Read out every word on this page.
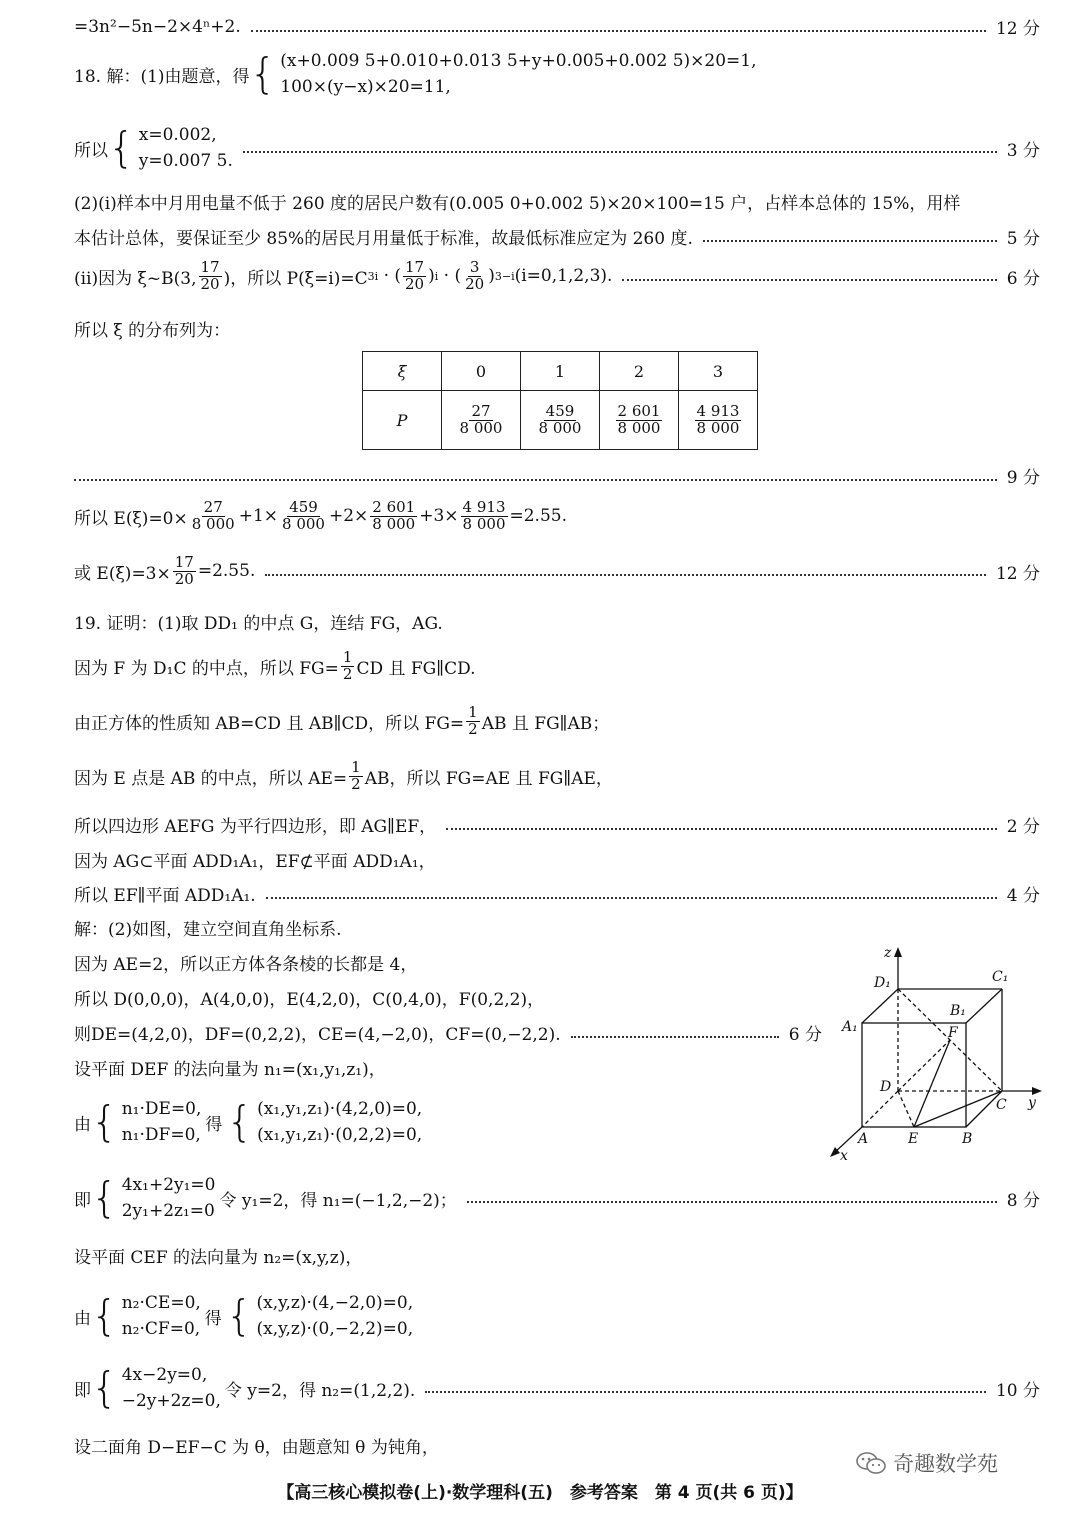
=3n²−5n−2×4ⁿ+2.	12 分
18. 解：(1)由题意，得 { (x+0.009 5+0.010+0.013 5+y+0.005+0.002 5)×20=1,
100×(y−x)×20=11,
所以 { x=0.002,
y=0.007 5.
3 分
(2)(ⅰ)样本中月用电量不低于 260 度的居民户数有(0.005 0+0.002 5)×20×100=15 户，占样本总体的 15%，用样
本估计总体，要保证至少 85%的居民月用量低于标准，故最低标准应定为 260 度.	5 分
(ⅱ)因为 ξ~B(3, $\frac{17}{20}$ )，所以 P(ξ=i)=C 3 i · ( $\frac{17}{20}$ ) i · ( $\frac{3}{20}$ ) 3−i (i=0,1,2,3).	6 分
所以 ξ 的分布列为：
ξ	0	1	2	3
P	$\frac{27}{8 000}$	$\frac{459}{8 000}$	$\frac{2 601}{8 000}$	$\frac{4 913}{8 000}$
9 分
所以 $E(\xi)=0\times \frac{27}{8 000} +1\times \frac{459}{8 000} +2\times \frac{2 601}{8 000} +3\times \frac{4 913}{8 000} =2.55$.
或 $E(\xi)=3\times \frac{17}{20} =2.55$.	12 分
19. 证明：(1)取 DD₁ 的中点 G，连结 FG，AG.
因为 F 为 D₁C 的中点，所以 $FG= \frac{1}{2}$ CD 且 FG∥CD.
由正方体的性质知 AB=CD 且 AB∥CD，所以 $FG= \frac{1}{2}$ AB 且 FG∥AB；
因为 E 点是 AB 的中点，所以 $AE= \frac{1}{2}$ AB，所以 FG=AE 且 FG∥AE，
所以四边形 AEFG 为平行四边形，即 AG∥EF，	2 分
因为 AG⊂平面 ADD₁A₁，EF⊄平面 ADD₁A₁，
所以 EF∥平面 ADD₁A₁.	4 分
解：(2)如图，建立空间直角坐标系.
因为 AE=2，所以正方体各条棱的长都是 4，
所以 D(0,0,0)，A(4,0,0)，E(4,2,0)，C(0,4,0)，F(0,2,2)，
则DE=(4,2,0)，DF=(0,2,2)，CE=(4,−2,0)，CF=(0,−2,2).	6 分
设平面 DEF 的法向量为 n₁=(x₁,y₁,z₁)，
由 { n₁·DE=0,
n₁·DF=0,
得 { (x₁,y₁,z₁)·(4,2,0)=0,
(x₁,y₁,z₁)·(0,2,2)=0,
即 { 4x₁+2y₁=0
2y₁+2z₁=0
令 y₁=2，得 n₁=(−1,2,−2)；	8 分
设平面 CEF 的法向量为 n₂=(x,y,z)，
由 { n₂·CE=0,
n₂·CF=0,
得 { (x,y,z)·(4,−2,0)=0,
(x,y,z)·(0,−2,2)=0,
即 { 4x−2y=0,
−2y+2z=0,
令 y=2，得 n₂=(1,2,2).	10 分
设二面角 D−EF−C 为 θ，由题意知 θ 为钝角，
z
D₁	C₁
B₁
A₁	F
D
y
C
A	E	B
x
奇趣数学苑
【高三核心模拟卷(上)·数学理科(五)　参考答案　第 4 页(共 6 页)】
